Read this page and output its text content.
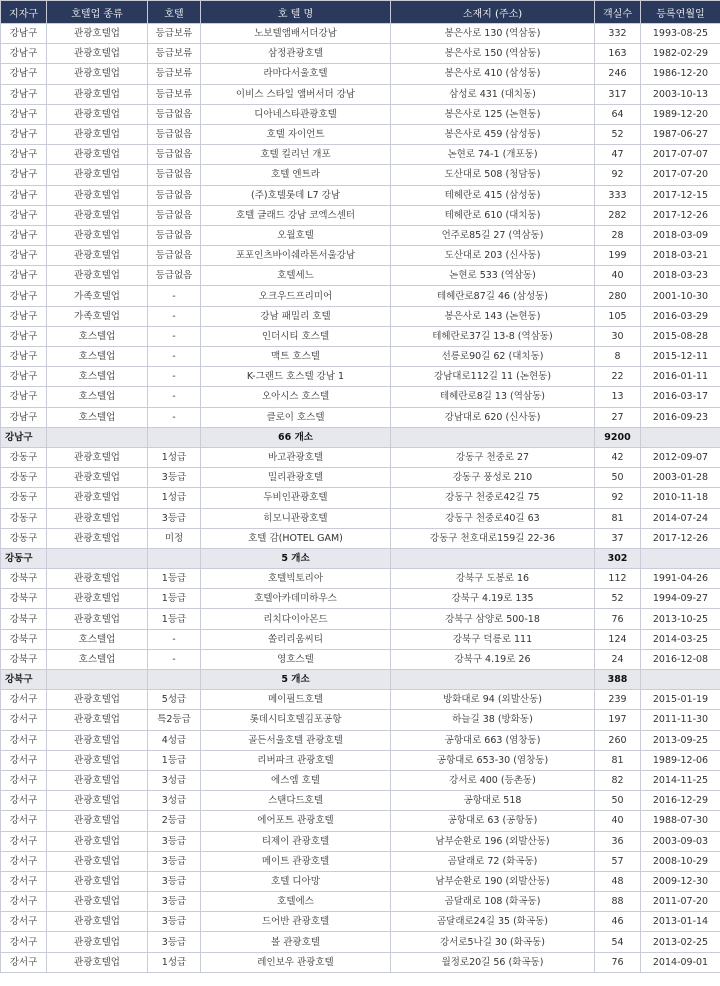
지자구	호텔업 종류	호텔	호 텔 명	소재지 (주소)	객실수	등록연월일
강남구	관광호텔업	등급보류	노보텔앰배서더강남	봉은사로 130 (역삼동)	332	1993-08-25
강남구	관광호텔업	등급보류	삼정관광호텔	봉은사로 150 (역삼동)	163	1982-02-29
강남구	관광호텔업	등급보류	라마다서울호텔	봉은사로 410 (삼성동)	246	1986-12-20
강남구	관광호텔업	등급보류	이비스 스타일 앰버서더 강남	삼성로 431 (대치동)	317	2003-10-13
강남구	관광호텔업	등급없음	디아네스타관광호텔	봉은사로 125 (논현동)	64	1989-12-20
강남구	관광호텔업	등급없음	호텔 자이언트	봉은사로 459 (삼성동)	52	1987-06-27
강남구	관광호텔업	등급없음	호텔 킬리넌 개포	논현로 74-1 (개포동)	47	2017-07-07
강남구	관광호텔업	등급없음	호텔 엔트라	도산대로 508 (청담동)	92	2017-07-20
강남구	관광호텔업	등급없음	(주)호텔롯데 L7 강남	테헤란로 415 (삼성동)	333	2017-12-15
강남구	관광호텔업	등급없음	호텔 글래드 강남 코엑스센터	테헤란로 610 (대치동)	282	2017-12-26
강남구	관광호텔업	등급없음	오월호텔	언주로85길 27 (역삼동)	28	2018-03-09
강남구	관광호텔업	등급없음	포포인츠바이쉐라톤서울강남	도산대로 203 (신사동)	199	2018-03-21
강남구	관광호텔업	등급없음	호텔세느	논현로 533 (역삼동)	40	2018-03-23
강남구	가족호텔업	-	오크우드프리미어	테헤란로87길 46 (삼성동)	280	2001-10-30
강남구	가족호텔업	-	강남 패밀리 호텔	봉은사로 143 (논현동)	105	2016-03-29
강남구	호스텔업	-	인더시티 호스텔	테헤란로37길 13-8 (역삼동)	30	2015-08-28
강남구	호스텔업	-	맥트 호스텔	선릉로90길 62 (대치동)	8	2015-12-11
강남구	호스텔업	-	K-그랜드 호스텔 강남 1	강남대로112길 11 (논현동)	22	2016-01-11
강남구	호스텔업	-	오아시스 호스텔	테헤란로8길 13 (역삼동)	13	2016-03-17
강남구	호스텔업	-	클로이 호스텔	강남대로 620 (신사동)	27	2016-09-23
강남구			66 개소		9200	
강동구	관광호텔업	1성급	바고관광호텔	강동구 천중로 27	42	2012-09-07
강동구	관광호텔업	3등급	밀리관광호텔	강동구 풍성로 210	50	2003-01-28
강동구	관광호텔업	1성급	두비인관광호텔	강동구 천중로42길 75	92	2010-11-18
강동구	관광호텔업	3등급	히모니관광호텔	강동구 천중로40길 63	81	2014-07-24
강동구	관광호텔업	미정	호텔 감(HOTEL GAM)	강동구 천호대로159길 22-36	37	2017-12-26
강동구			5 개소		302	
강북구	관광호텔업	1등급	호텔빅토리아	강북구 도봉로 16	112	1991-04-26
강북구	관광호텔업	1등급	호텔아카데미하우스	강북구 4.19로 135	52	1994-09-27
강북구	관광호텔업	1등급	리치다이아몬드	강북구 삼양로 500-18	76	2013-10-25
강북구	호스텔업	-	쏠리리움씨티	강북구 덕릉로 111	124	2014-03-25
강북구	호스텔업	-	영호스텔	강북구 4.19로 26	24	2016-12-08
강북구			5 개소		388	
강서구	관광호텔업	5성급	메이필드호텔	방화대로 94 (외발산동)	239	2015-01-19
강서구	관광호텔업	특2등급	롯데시티호텔김포공항	하늘길 38 (방화동)	197	2011-11-30
강서구	관광호텔업	4성급	골든서울호텔 관광호텔	공항대로 663 (염창동)	260	2013-09-25
강서구	관광호텔업	1등급	리버파크 관광호텔	공항대로 653-30 (염창동)	81	1989-12-06
강서구	관광호텔업	3성급	에스엠 호텔	강서로 400 (등촌동)	82	2014-11-25
강서구	관광호텔업	3성급	스탠다드호텔	공항대로 518	50	2016-12-29
강서구	관광호텔업	2등급	에어포트 관광호텔	공항대로 63 (공항동)	40	1988-07-30
강서구	관광호텔업	3등급	티제이 관광호텔	남부순환로 196 (외발산동)	36	2003-09-03
강서구	관광호텔업	3등급	메이트 관광호텔	곰달래로 72 (화곡동)	57	2008-10-29
강서구	관광호텔업	3등급	호텔 디아망	남부순환로 190 (외발산동)	48	2009-12-30
강서구	관광호텔업	3등급	호텔에스	곰달래로 108 (화곡동)	88	2011-07-20
강서구	관광호텔업	3등급	드어반 관광호텔	곰달래로24길 35 (화곡동)	46	2013-01-14
강서구	관광호텔업	3등급	볼 관광호텔	강서로5나길 30 (화곡동)	54	2013-02-25
강서구	관광호텔업	1성급	레인보우 관광호텔	월정로20길 56 (화곡동)	76	2014-09-01
